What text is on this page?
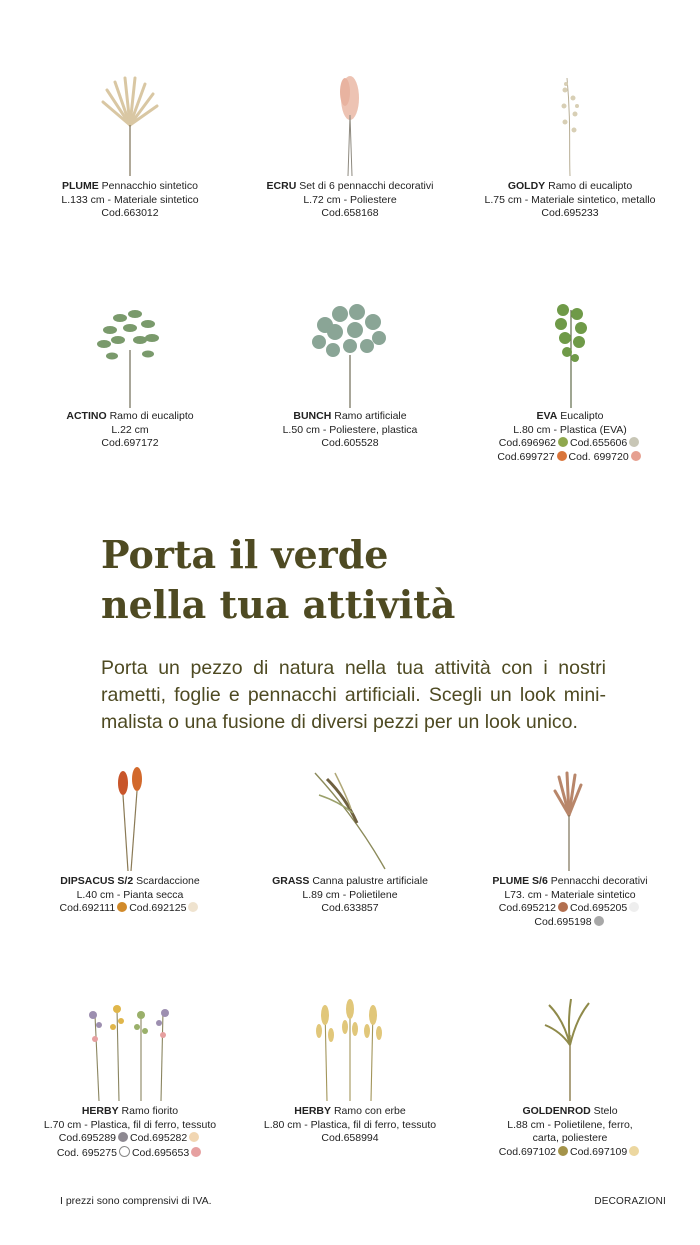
PLUME Pennacchio sintetico
L.133 cm - Materiale sintetico
Cod.663012
ECRU Set di 6 pennacchi decorativi
L.72 cm - Poliestere
Cod.658168
GOLDY Ramo di eucalipto
L.75 cm - Materiale sintetico, metallo
Cod.695233
ACTINO Ramo di eucalipto
L.22 cm
Cod.697172
BUNCH Ramo artificiale
L.50 cm - Poliestere, plastica
Cod.605528
EVA Eucalipto
L.80 cm - Plastica (EVA)
Cod.696962 Cod.655606
Cod.699727 Cod. 699720
Porta il verde
nella tua attività

Porta un pezzo di natura nella tua attività con i nostri rametti, foglie e pennacchi artificiali. Scegli un look mini-malista o una fusione di diversi pezzi per un look unico.

DIPSACUS S/2 Scardaccione
L.40 cm - Pianta secca
Cod.692111 Cod.692125
GRASS Canna palustre artificiale
L.89 cm - Polietilene
Cod.633857
PLUME S/6 Pennacchi decorativi
L73. cm - Materiale sintetico
Cod.695212 Cod.695205
Cod.695198
HERBY Ramo fiorito
L.70 cm - Plastica, fil di ferro, tessuto
Cod.695289 Cod.695282
Cod. 695275 Cod.695653
HERBY Ramo con erbe
L.80 cm - Plastica, fil di ferro, tessuto
Cod.658994
GOLDENROD Stelo
L.88 cm - Polietilene, ferro,
carta, poliestere
Cod.697102 Cod.697109
I prezzi sono comprensivi di IVA.	DECORAZIONI
